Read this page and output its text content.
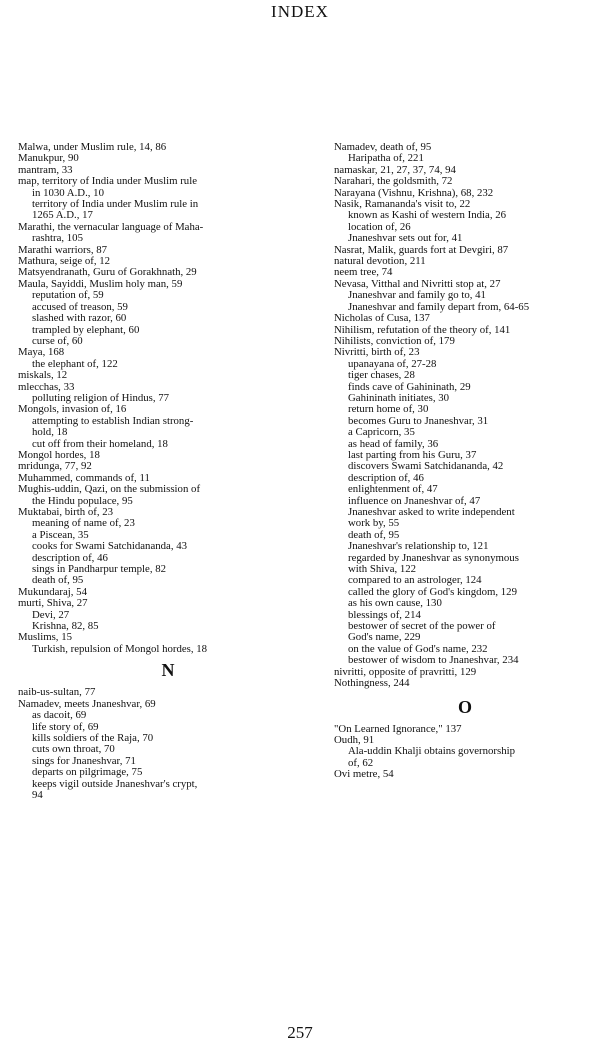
INDEX
Malwa, under Muslim rule, 14, 86
Manukpur, 90
mantram, 33
map, territory of India under Muslim rule
in 1030 A.D., 10
territory of India under Muslim rule in
1265 A.D., 17
Marathi, the vernacular language of Maha-
rashtra, 105
Marathi warriors, 87
Mathura, seige of, 12
Matsyendranath, Guru of Gorakhnath, 29
Maula, Sayiddi, Muslim holy man, 59
reputation of, 59
accused of treason, 59
slashed with razor, 60
trampled by elephant, 60
curse of, 60
Maya, 168
the elephant of, 122
miskals, 12
mlecchas, 33
polluting religion of Hindus, 77
Mongols, invasion of, 16
attempting to establish Indian strong-
hold, 18
cut off from their homeland, 18
Mongol hordes, 18
mridunga, 77, 92
Muhammed, commands of, 11
Mughis-uddin, Qazi, on the submission of
the Hindu populace, 95
Muktabai, birth of, 23
meaning of name of, 23
a Piscean, 35
cooks for Swami Satchidananda, 43
description of, 46
sings in Pandharpur temple, 82
death of, 95
Mukundaraj, 54
murti, Shiva, 27
Devi, 27
Krishna, 82, 85
Muslims, 15
Turkish, repulsion of Mongol hordes, 18
N
naib-us-sultan, 77
Namadev, meets Jnaneshvar, 69
as dacoit, 69
life story of, 69
kills soldiers of the Raja, 70
cuts own throat, 70
sings for Jnaneshvar, 71
departs on pilgrimage, 75
keeps vigil outside Jnaneshvar's crypt,
94
Namadev, death of, 95
Haripatha of, 221
namaskar, 21, 27, 37, 74, 94
Narahari, the goldsmith, 72
Narayana (Vishnu, Krishna), 68, 232
Nasik, Ramananda's visit to, 22
known as Kashi of western India, 26
location of, 26
Jnaneshvar sets out for, 41
Nasrat, Malik, guards fort at Devgiri, 87
natural devotion, 211
neem tree, 74
Nevasa, Vitthal and Nivritti stop at, 27
Jnaneshvar and family go to, 41
Jnaneshvar and family depart from, 64-65
Nicholas of Cusa, 137
Nihilism, refutation of the theory of, 141
Nihilists, conviction of, 179
Nivritti, birth of, 23
upanayana of, 27-28
tiger chases, 28
finds cave of Gahininath, 29
Gahininath initiates, 30
return home of, 30
becomes Guru to Jnaneshvar, 31
a Capricorn, 35
as head of family, 36
last parting from his Guru, 37
discovers Swami Satchidananda, 42
description of, 46
enlightenment of, 47
influence on Jnaneshvar of, 47
Jnaneshvar asked to write independent
work by, 55
death of, 95
Jnaneshvar's relationship to, 121
regarded by Jnaneshvar as synonymous
with Shiva, 122
compared to an astrologer, 124
called the glory of God's kingdom, 129
as his own cause, 130
blessings of, 214
bestower of secret of the power of
God's name, 229
on the value of God's name, 232
bestower of wisdom to Jnaneshvar, 234
nivritti, opposite of pravritti, 129
Nothingness, 244
O
"On Learned Ignorance," 137
Oudh, 91
Ala-uddin Khalji obtains governorship
of, 62
Ovi metre, 54
257
